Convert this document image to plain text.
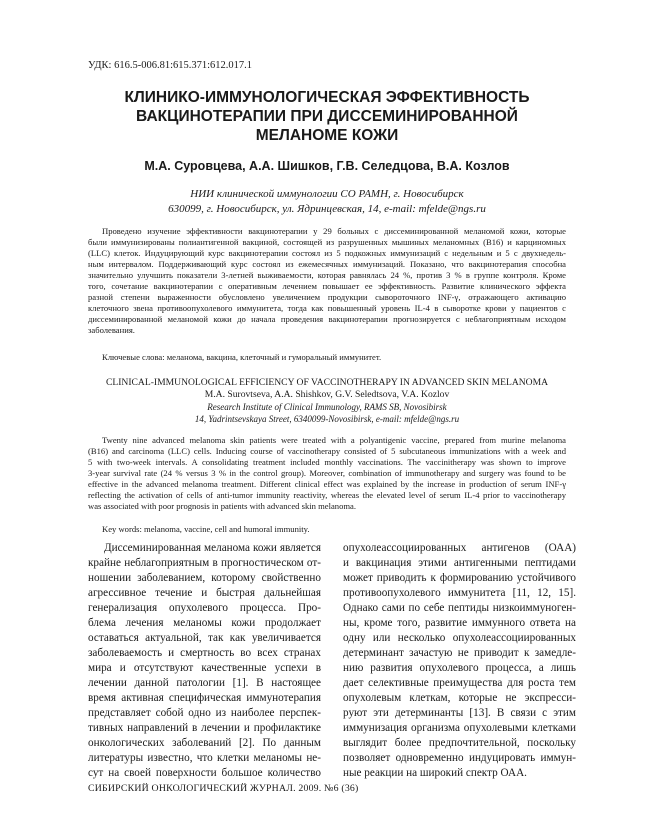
УДК: 616.5-006.81:615.371:612.017.1
КЛИНИКО-ИММУНОЛОГИЧЕСКАЯ ЭФФЕКТИВНОСТЬ
ВАКЦИНОТЕРАПИИ ПРИ ДИССЕМИНИРОВАННОЙ
МЕЛАНОМЕ КОЖИ
М.А. Суровцева, А.А. Шишков, Г.В. Селедцова, В.А. Козлов
НИИ клинической иммунологии СО РАМН, г. Новосибирск
630099, г. Новосибирск, ул. Ядринцевская, 14, e-mail: mfelde@ngs.ru
Проведено изучение эффективности вакцинотерапии у 29 больных с диссеминированной меланомой кожи, которые
были иммунизированы полиантигенной вакциной, состоящей из разрушенных мышиных меланомных (B16) и карциномных
(LLC) клеток. Индуцирующий курс вакцинотерапии состоял из 5 подкожных иммунизаций с недельным и 5 с двухнедель-
ным интервалом. Поддерживающий курс состоял из ежемесячных иммунизаций. Показано, что вакцинотерапия способна
значительно улучшить показатели 3-летней выживаемости, которая равнялась 24 %, против 3 % в группе контроля. Кроме
того, сочетание вакцинотерапии с оперативным лечением повышает ее эффективность. Развитие клинического эффекта
разной степени выраженности обусловлено увеличением продукции сывороточного INF-γ, отражающего активацию
клеточного звена противоопухолевого иммунитета, тогда как повышенный уровень IL-4 в сыворотке крови у пациентов с
диссеминированной меланомой кожи до начала проведения вакцинотерапии прогнозируется с неблагоприятным исходом
заболевания.
Ключевые слова: меланома, вакцина, клеточный и гуморальный иммунитет.
CLINICAL-IMMUNOLOGICAL EFFICIENCY OF VACCINOTHERAPY IN ADVANCED SKIN MELANOMA
M.A. Surovtseva, A.A. Shishkov, G.V. Seledtsova, V.A. Kozlov
Research Institute of Clinical Immunology, RAMS SB, Novosibirsk
14, Yadrintsevskaya Street, 6340099-Novosibirsk, e-mail: mfelde@ngs.ru
Twenty nine advanced melanoma skin patients were treated with a polyantigenic vaccine, prepared from murine melanoma
(B16) and carcinoma (LLC) cells. Inducing course of vaccinotherapy consisted of 5 subcutaneous immunizations with a week and
5 with two-week intervals. A consolidating treatment included monthly vaccinations. The vaccinitherapy was shown to improve
3-year survival rate (24 % versus 3 % in the control group). Moreover, combination of immunotherapy and surgery was found to be
effective in the advanced melanoma treatment. Different clinical effect was explained by the increase in production of serum INF-γ
reflecting the activation of cells of anti-tumor immunity reactivity, whereas the elevated level of serum IL-4 prior to vaccinotherapy
was associated with poor prognosis in patients with advanced skin melanoma.
Key words: melanoma, vaccine, cell and humoral immunity.
Диссеминированная меланома кожи является
крайне неблагоприятным в прогностическом от-
ношении заболеванием, которому свойственно
агрессивное течение и быстрая дальнейшая
генерализация опухолевого процесса. Про-
блема лечения меланомы кожи продолжает
оставаться актуальной, так как увеличивается
заболеваемость и смертность во всех странах
мира и отсутствуют качественные успехи в
лечении данной патологии [1]. В настоящее
время активная специфическая иммунотерапия
представляет собой одно из наиболее перспек-
тивных направлений в лечении и профилактике
онкологических заболеваний [2]. По данным
литературы известно, что клетки меланомы не-
сут на своей поверхности большое количество
опухолеассоциированных антигенов (ОАА)
и вакцинация этими антигенными пептидами
может приводить к формированию устойчивого
противоопухолевого иммунитета [11, 12, 15].
Однако сами по себе пептиды низкоиммуноген-
ны, кроме того, развитие иммунного ответа на
одну или несколько опухолеассоциированных
детерминант зачастую не приводит к замедле-
нию развития опухолевого процесса, а лишь
дает селективные преимущества для роста тем
опухолевым клеткам, которые не экспресси-
руют эти детерминанты [13]. В связи с этим
иммунизация организма опухолевыми клетками
выглядит более предпочтительной, поскольку
позволяет одновременно индуцировать иммун-
ные реакции на широкий спектр ОАА.
СИБИРСКИЙ ОНКОЛОГИЧЕСКИЙ ЖУРНАЛ. 2009. №6 (36)
